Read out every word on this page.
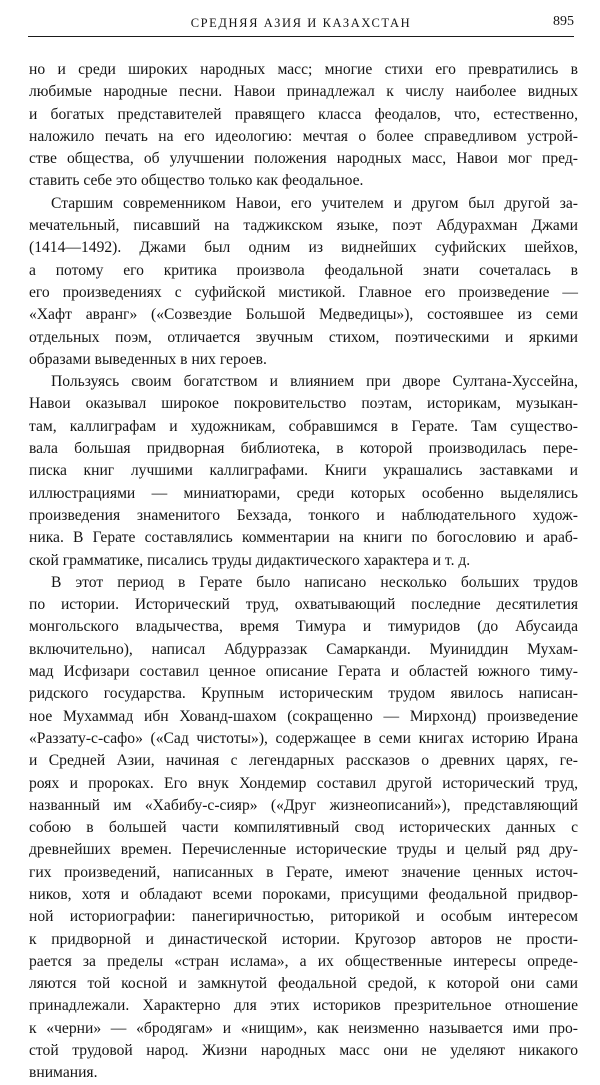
СРЕДНЯЯ АЗИЯ И КАЗАХСТАН	895
но и среди широких народных масс; многие стихи его превратились в
любимые народные песни. Навои принадлежал к числу наиболее видных
и богатых представителей правящего класса феодалов, что, естественно,
наложило печать на его идеологию: мечтая о более справедливом устрой-
стве общества, об улучшении положения народных масс, Навои мог пред-
ставить себе это общество только как феодальное.
Старшим современником Навои, его учителем и другом был другой за-
мечательный, писавший на таджикском языке, поэт Абдурахман Джами
(1414—1492). Джами был одним из виднейших суфийских шейхов,
а потому его критика произвола феодальной знати сочеталась в
его произведениях с суфийской мистикой. Главное его произведение —
«Хафт авранг» («Созвездие Большой Медведицы»), состоявшее из семи
отдельных поэм, отличается звучным стихом, поэтическими и яркими
образами выведенных в них героев.
Пользуясь своим богатством и влиянием при дворе Султана-Хуссейна,
Навои оказывал широкое покровительство поэтам, историкам, музыкан-
там, каллиграфам и художникам, собравшимся в Герате. Там существо-
вала большая придворная библиотека, в которой производилась пере-
писка книг лучшими каллиграфами. Книги украшались заставками и
иллюстрациями — миниатюрами, среди которых особенно выделялись
произведения знаменитого Бехзада, тонкого и наблюдательного худож-
ника. В Герате составлялись комментарии на книги по богословию и араб-
ской грамматике, писались труды дидактического характера и т. д.
В этот период в Герате было написано несколько больших трудов
по истории. Исторический труд, охватывающий последние десятилетия
монгольского владычества, время Тимура и тимуридов (до Абусаида
включительно), написал Абдурраззак Самарканди. Муиниддин Мухам-
мад Исфизари составил ценное описание Герата и областей южного тиму-
ридского государства. Крупным историческим трудом явилось написан-
ное Мухаммад ибн Хованд-шахом (сокращенно — Мирхонд) произведение
«Раззату-с-сафо» («Сад чистоты»), содержащее в семи книгах историю Ирана
и Средней Азии, начиная с легендарных рассказов о древних царях, ге-
роях и пророках. Его внук Хондемир составил другой исторический труд,
названный им «Хабибу-с-сияр» («Друг жизнеописаний»), представляющий
собою в большей части компилятивный свод исторических данных с
древнейших времен. Перечисленные исторические труды и целый ряд дру-
гих произведений, написанных в Герате, имеют значение ценных источ-
ников, хотя и обладают всеми пороками, присущими феодальной придвор-
ной историографии: панегиричностью, риторикой и особым интересом
к придворной и династической истории. Кругозор авторов не прости-
рается за пределы «стран ислама», а их общественные интересы опреде-
ляются той косной и замкнутой феодальной средой, к которой они сами
принадлежали. Характерно для этих историков презрительное отношение
к «черни» — «бродягам» и «нищим», как неизменно называется ими про-
стой трудовой народ. Жизни народных масс они не уделяют никакого
внимания.
